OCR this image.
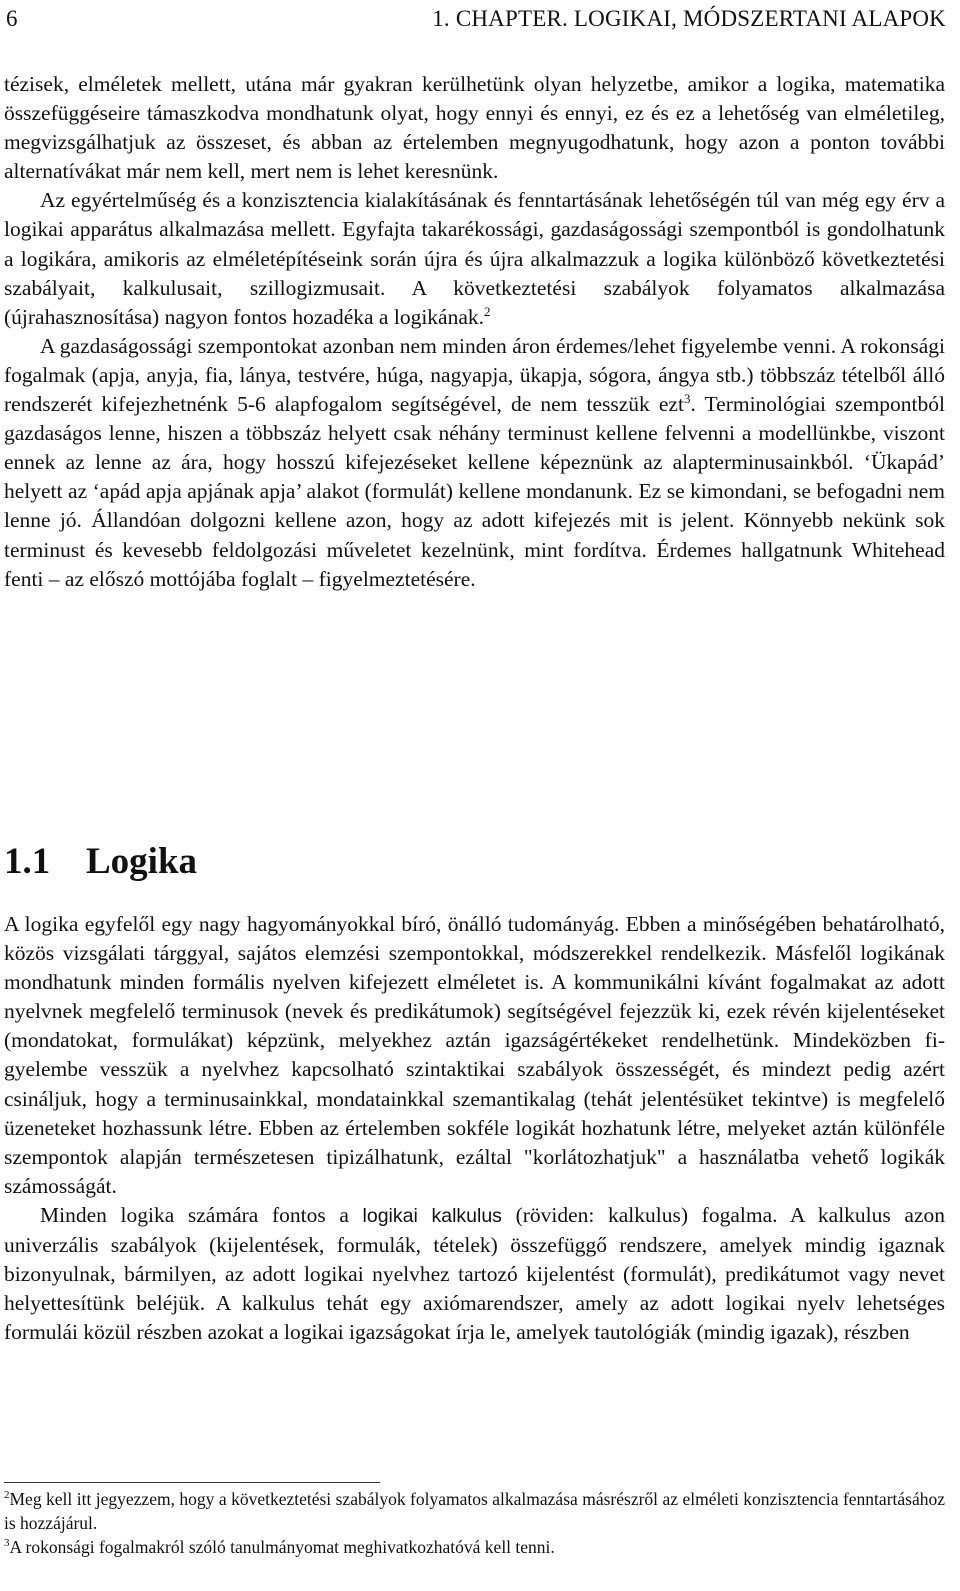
6	1. CHAPTER. LOGIKAI, MÓDSZERTANI ALAPOK

tézisek, elméletek mellett, utána már gyakran kerülhetünk olyan helyzetbe, amikor a logika, matematika összefüggéseire támaszkodva mondhatunk olyat, hogy ennyi és ennyi, ez és ez a lehetőség van elméletileg, megvizsgálhatjuk az összeset, és abban az értelemben megnyugodhatunk, hogy azon a ponton további alternatívákat már nem kell, mert nem is lehet keresnünk.

Az egyértelműség és a konzisztencia kialakításának és fenntartásának lehetőségén túl van még egy érv a logikai apparátus alkalmazása mellett. Egyfajta takarékossági, gazdaságossági szempontból is gondolhatunk a logikára, amikoris az elméletépítéseink során újra és újra alkalmazzuk a logika különböző következtetési szabályait, kalkulusait, szillogizmusait. A következtetési szabályok folyamatos alkalmazása (újrahasznosítása) nagyon fontos hozadéka a logikának.$^2$

A gazdaságossági szempontokat azonban nem minden áron érdemes/lehet figyelembe venni. A rokonsági fogalmak (apja, anyja, fia, lánya, testvére, húga, nagyapja, ükapja, sógora, ángya stb.) többszáz tételből álló rendszerét kifejezhetnénk 5-6 alapfogalom segítségével, de nem tesszük ezt$^3$. Terminológiai szempontból gazdaságos lenne, hiszen a többszáz helyett csak néhány terminust kellene felvenni a modellünkbe, viszont ennek az lenne az ára, hogy hosszú kifejezéseket kellene képeznünk az alapterminusainkból. ‘Ükapád’ helyett az ‘apád apja apjának apja’ alakot (formulát) kellene mondanunk. Ez se kimondani, se befogadni nem lenne jó. Állandóan dolgozni kellene azon, hogy az adott kifejezés mit is jelent. Könnyebb nekünk sok terminust és kevesebb feldolgozási műveletet kezelnünk, mint fordítva. Érdemes hallgatnunk Whitehead fenti – az előszó mottójába foglalt – figyelmeztetésére.

1.1 Logika

A logika egyfelől egy nagy hagyományokkal bíró, önálló tudományág. Ebben a minőségében behatárolható, közös vizsgálati tárggyal, sajátos elemzési szempontokkal, módszerekkel rendelkezik. Másfelől logikának mondhatunk minden formális nyelven kifejezett elméletet is. A kommunikálni kívánt fogalmakat az adott nyelvnek megfelelő terminusok (nevek és predikátumok) segítségével fejezzük ki, ezek révén kijelentéseket (mondatokat, formulákat) képzünk, melyekhez aztán igazságértékeket rendelhetünk. Mindeközben figyelembe vesszük a nyelvhez kapcsolható szintaktikai szabályok összességét, és mindezt pedig azért csináljuk, hogy a terminusainkkal, mondatainkkal szemantikalag (tehát jelentésüket tekintve) is megfelelő üzeneteket hozhassunk létre. Ebben az értelemben sokféle logikát hozhatunk létre, melyeket aztán különféle szempontok alapján természetesen tipizálhatunk, ezáltal "korlátozhatjuk" a használatba vehető logikák számosságát.

Minden logika számára fontos a logikai kalkulus (röviden: kalkulus) fogalma. A kalkulus azon univerzális szabályok (kijelentések, formulák, tételek) összefüggő rendszere, amelyek mindig igaznak bizonyulnak, bármilyen, az adott logikai nyelvhez tartozó kijelentést (formulát), predikátumot vagy nevet helyettesítünk beléjük. A kalkulus tehát egy axiómarendszer, amely az adott logikai nyelv lehetséges formulái közül részben azokat a logikai igazságokat írja le, amelyek tautológiák (mindig igazak), részben

$^2$Meg kell itt jegyezzem, hogy a következtetési szabályok folyamatos alkalmazása másrészről az elméleti konzisztencia fenntartásához is hozzájárul.

$^3$A rokonsági fogalmakról szóló tanulmányomat meghivatkozhatóvá kell tenni.
